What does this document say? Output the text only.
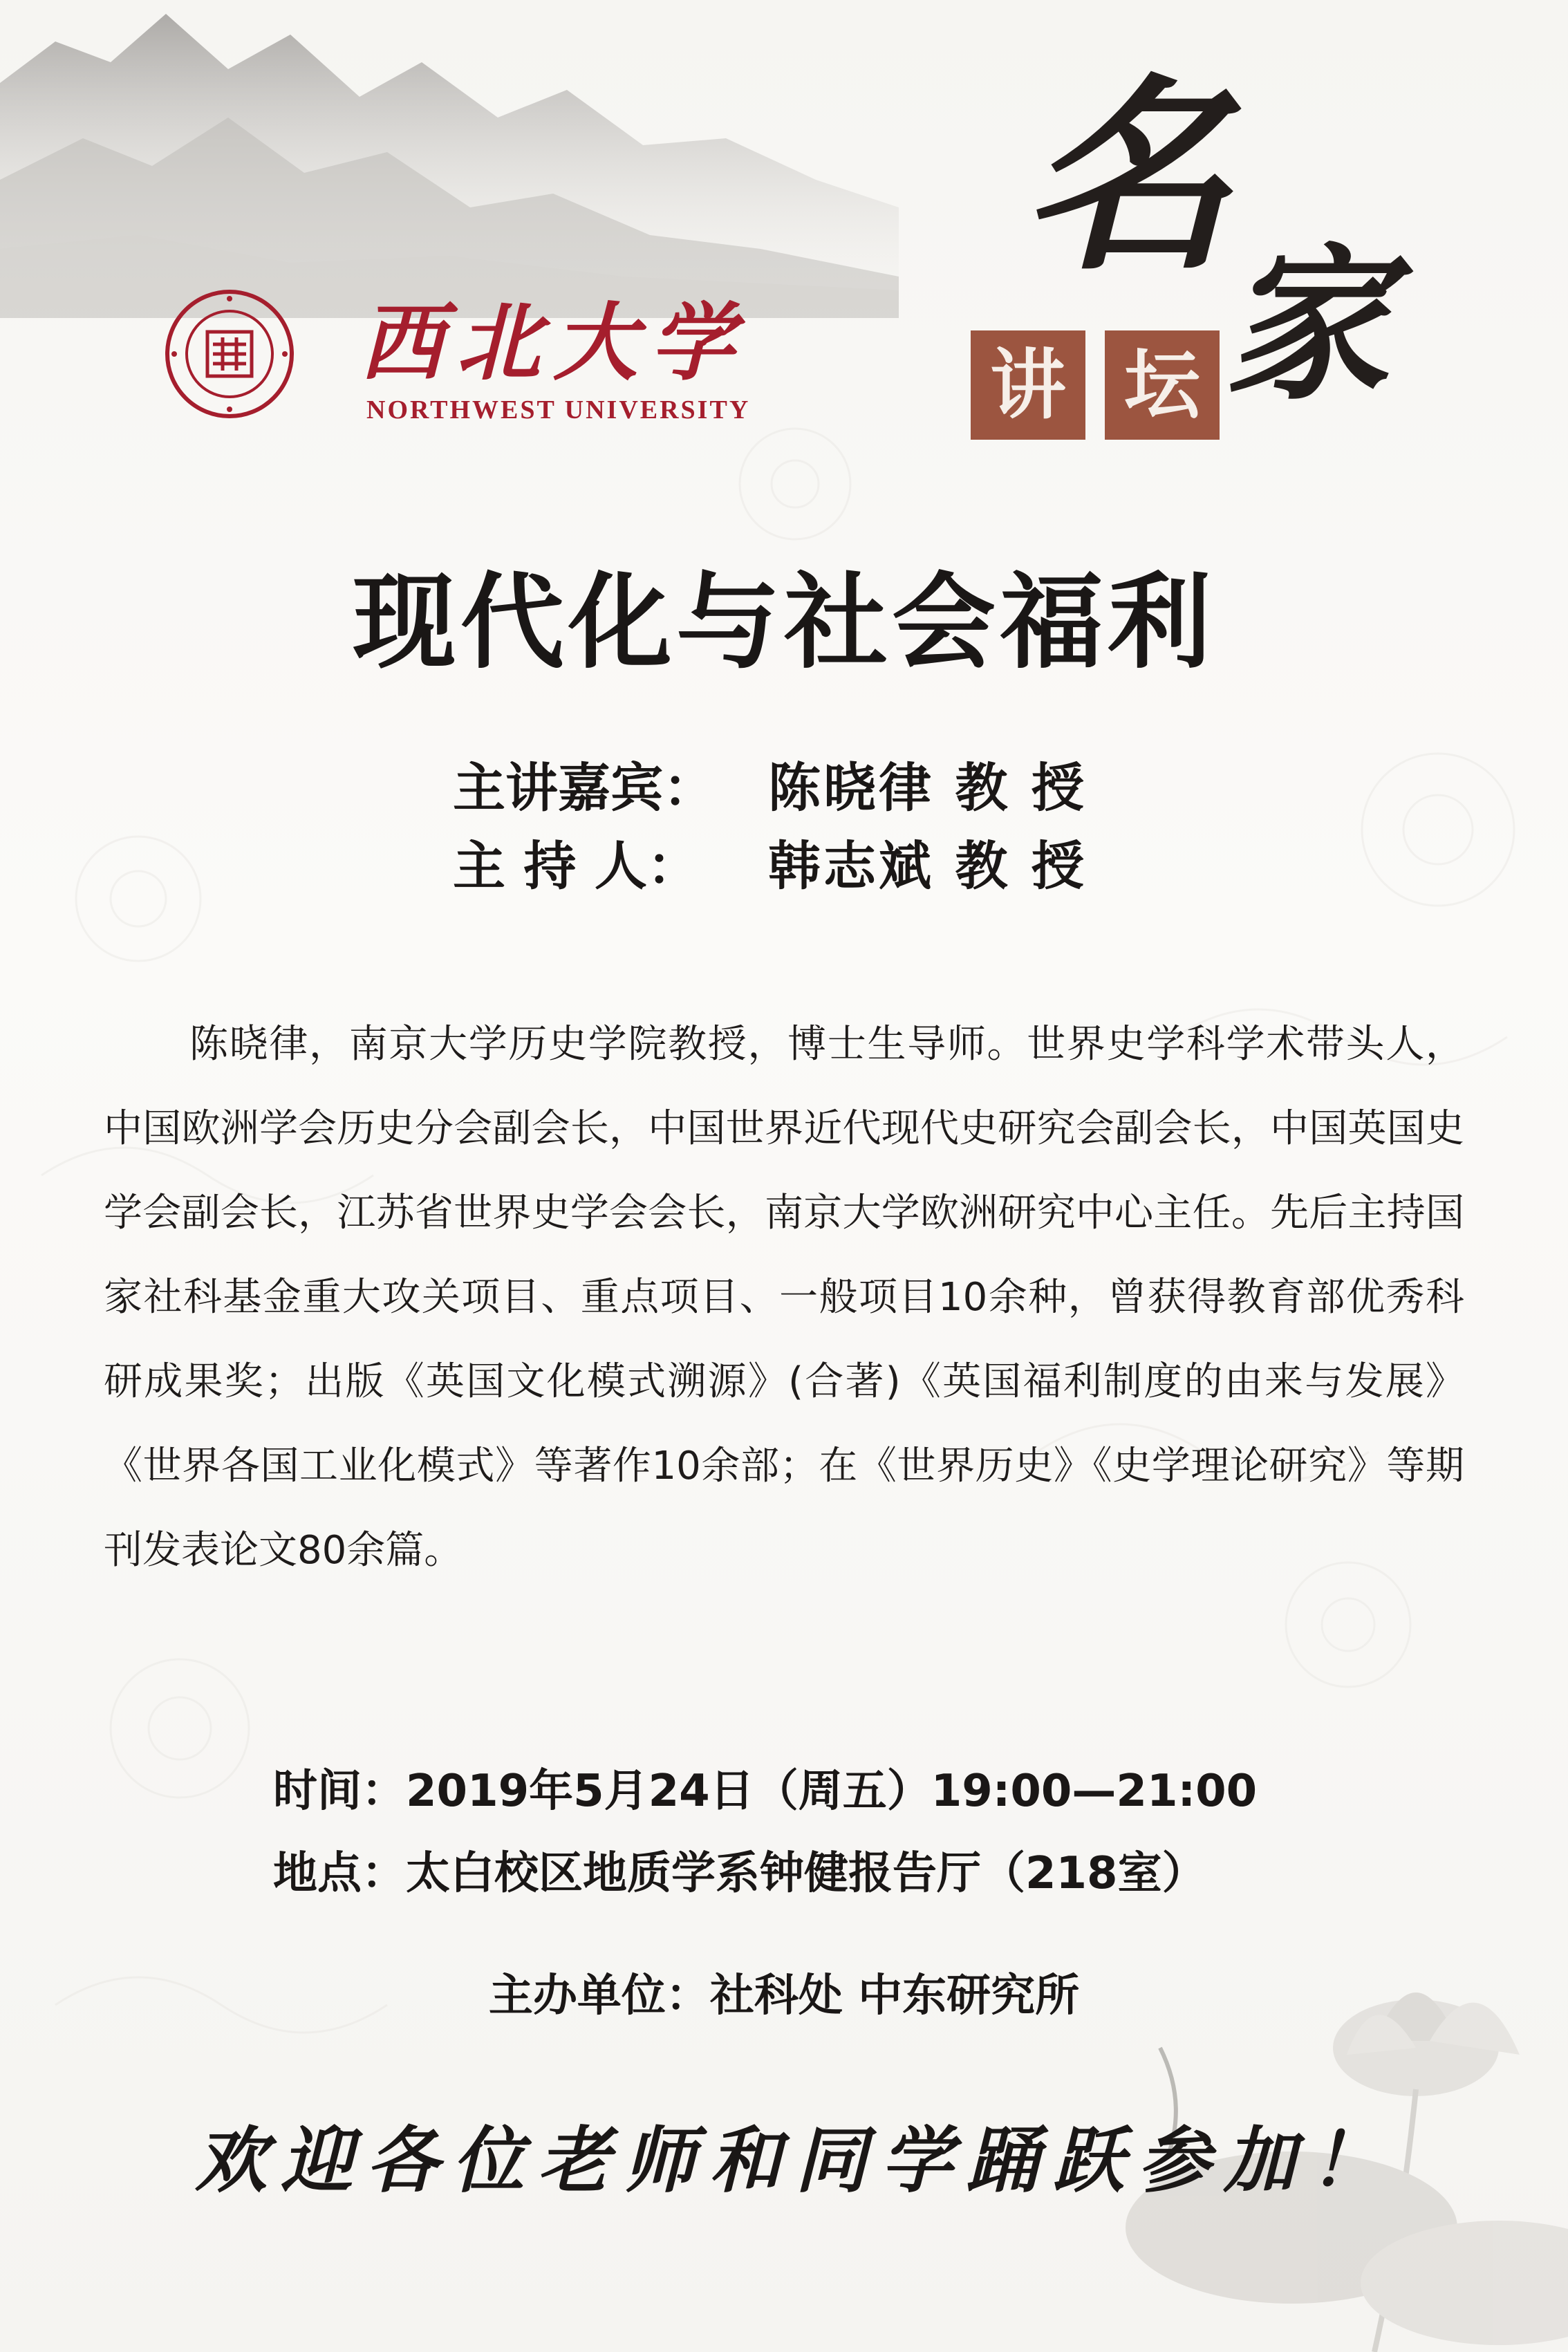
西北大学
NORTHWEST UNIVERSITY
名
讲 坛 家
现代化与社会福利
主讲嘉宾： 陈晓律 教 授
主 持 人： 韩志斌 教 授
陈晓律，南京大学历史学院教授，博士生导师。世界史学科学术带头人，中国欧洲学会历史分会副会长，中国世界近代现代史研究会副会长，中国英国史学会副会长，江苏省世界史学会会长，南京大学欧洲研究中心主任。先后主持国家社科基金重大攻关项目、重点项目、一般项目10余种，曾获得教育部优秀科研成果奖；出版《英国文化模式溯源》(合著)《英国福利制度的由来与发展》《世界各国工业化模式》等著作10余部；在《世界历史》《史学理论研究》等期刊发表论文80余篇。
时间：2019年5月24日（周五）19:00—21:00
地点：太白校区地质学系钟健报告厅（218室）
主办单位：社科处 中东研究所
欢迎各位老师和同学踊跃参加！
